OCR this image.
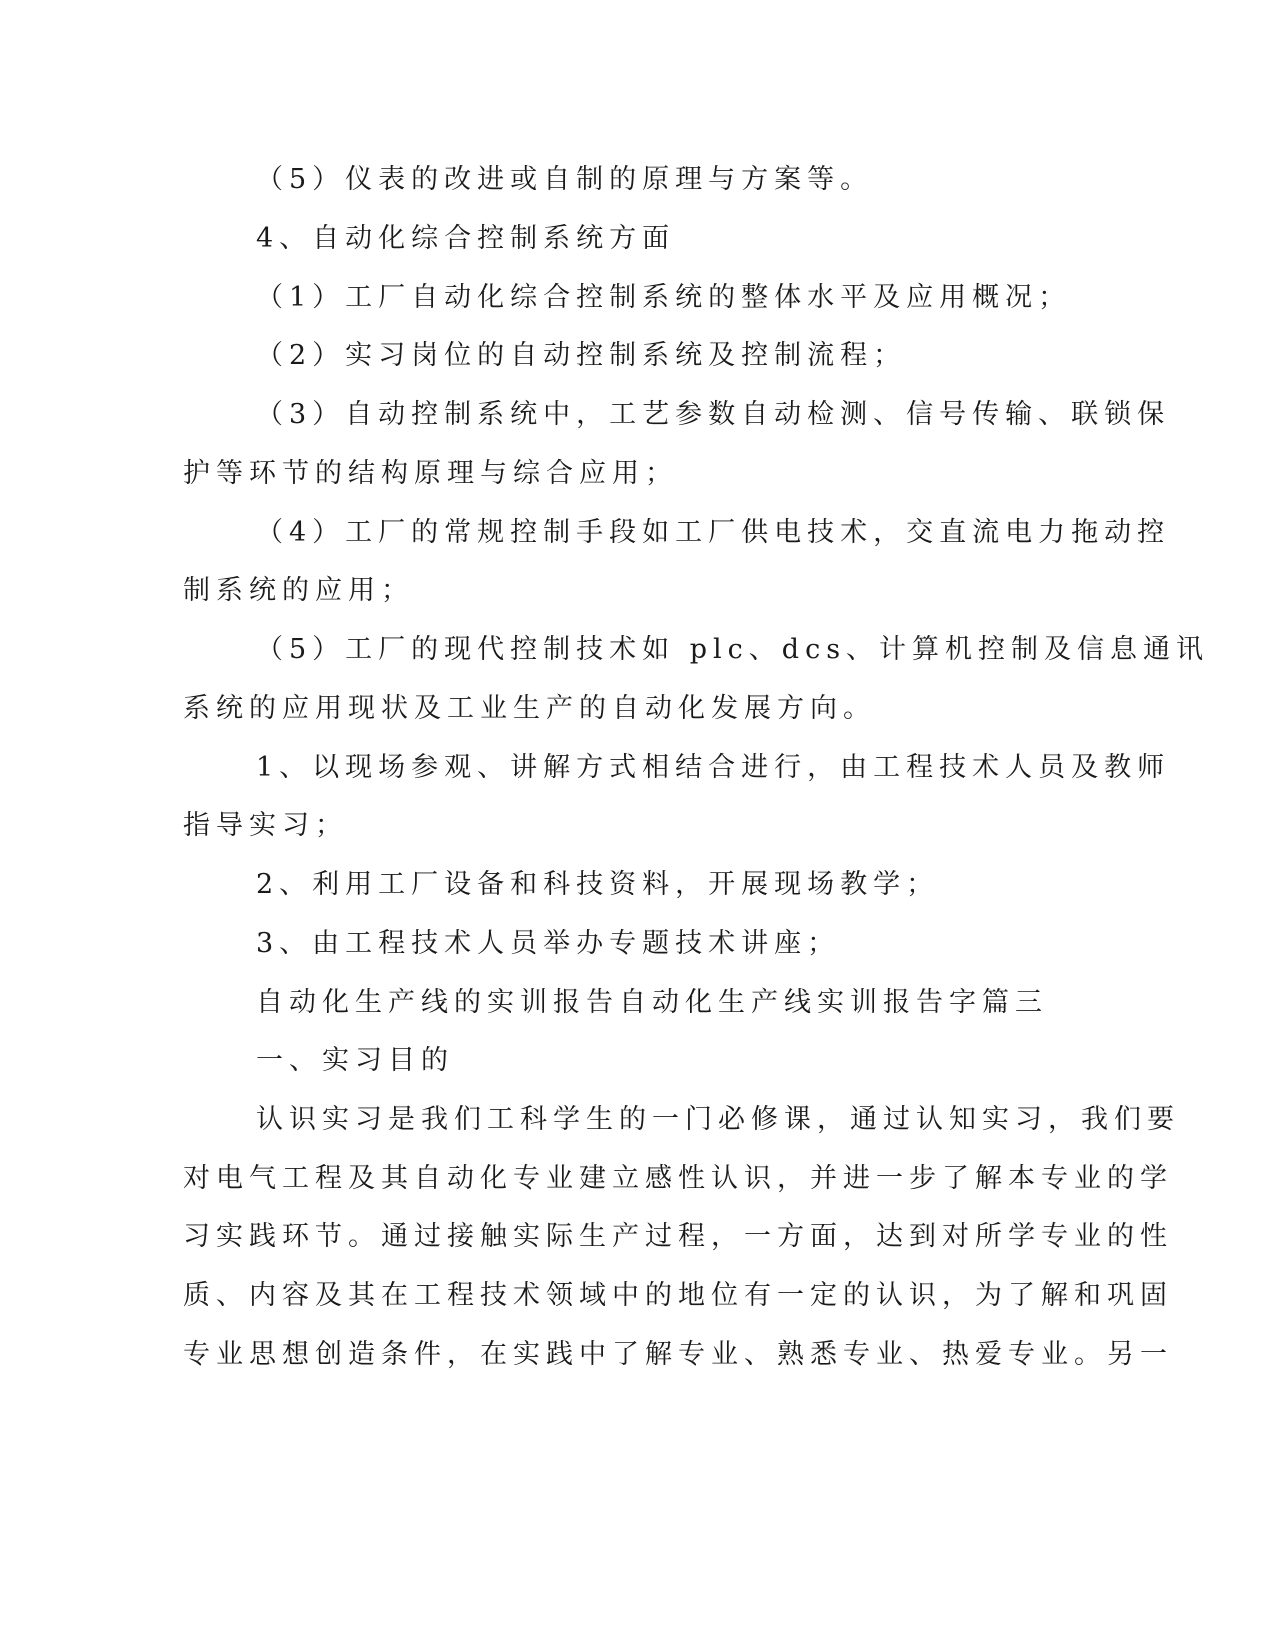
（5）仪表的改进或自制的原理与方案等。
4、自动化综合控制系统方面
（1）工厂自动化综合控制系统的整体水平及应用概况；
（2）实习岗位的自动控制系统及控制流程；
（3）自动控制系统中，工艺参数自动检测、信号传输、联锁保
护等环节的结构原理与综合应用；
（4）工厂的常规控制手段如工厂供电技术，交直流电力拖动控
制系统的应用；
（5）工厂的现代控制技术如 plc、dcs、计算机控制及信息通讯
系统的应用现状及工业生产的自动化发展方向。
1、以现场参观、讲解方式相结合进行，由工程技术人员及教师
指导实习；
2、利用工厂设备和科技资料，开展现场教学；
3、由工程技术人员举办专题技术讲座；
自动化生产线的实训报告自动化生产线实训报告字篇三
一、实习目的
认识实习是我们工科学生的一门必修课，通过认知实习，我们要
对电气工程及其自动化专业建立感性认识，并进一步了解本专业的学
习实践环节。通过接触实际生产过程，一方面，达到对所学专业的性
质、内容及其在工程技术领域中的地位有一定的认识，为了解和巩固
专业思想创造条件，在实践中了解专业、熟悉专业、热爱专业。另一
